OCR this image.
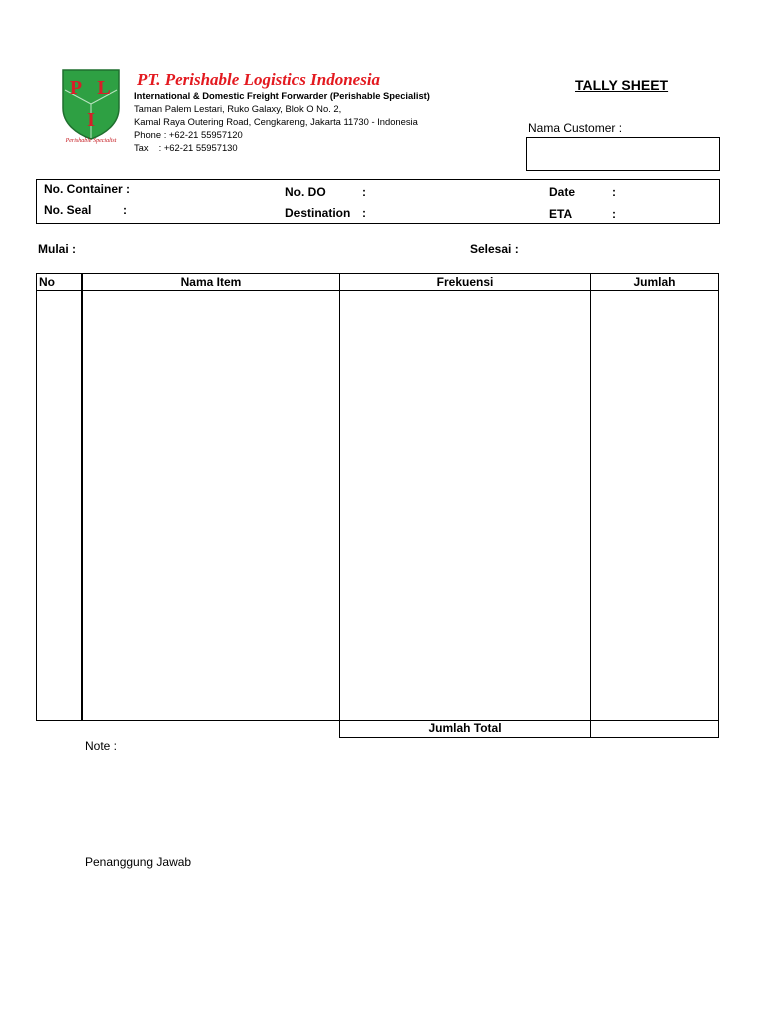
P L
I
Perishable Specialist
PT. Perishable Logistics Indonesia
International & Domestic Freight Forwarder (Perishable Specialist)
Taman Palem Lestari, Ruko Galaxy, Blok O No. 2,
Kamal Raya Outering Road, Cengkareng, Jakarta 11730 - Indonesia
Phone : +62-21 55957120
Tax : +62-21 55957130
TALLY SHEET
Nama Customer :
No. Container :
No. Seal	:
No. DO	:
Destination :
Date	:
ETA	:
Mulai :	Selesai :
No	Nama Item	Frekuensi	Jumlah
Jumlah Total
Note :
Penanggung Jawab
